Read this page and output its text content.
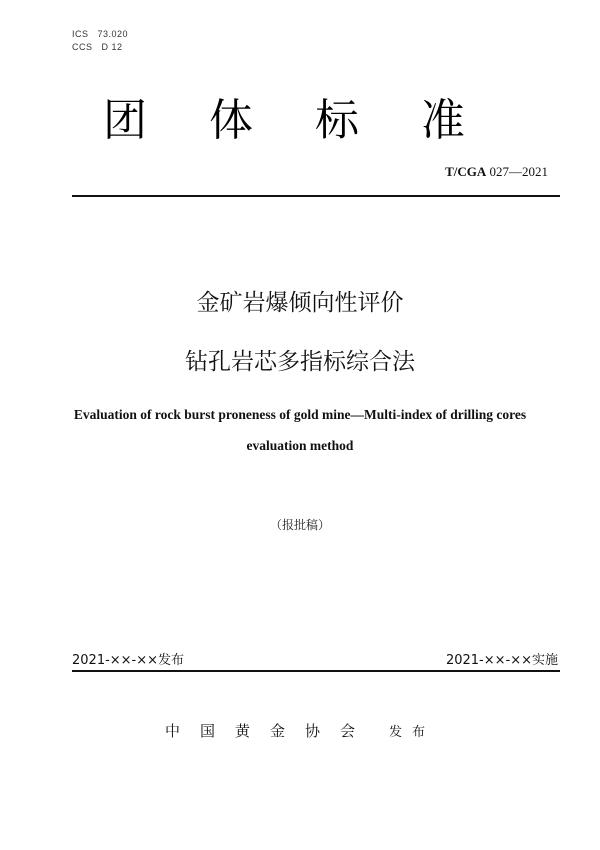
ICS   73.020
CCS   D 12
团体标准
T/CGA 027—2021
金矿岩爆倾向性评价
钻孔岩芯多指标综合法
Evaluation of rock burst proneness of gold mine—Multi-index of drilling cores
evaluation method
（报批稿）
2021-××-××发布	2021-××-××实施
中国黄金协会 发布
